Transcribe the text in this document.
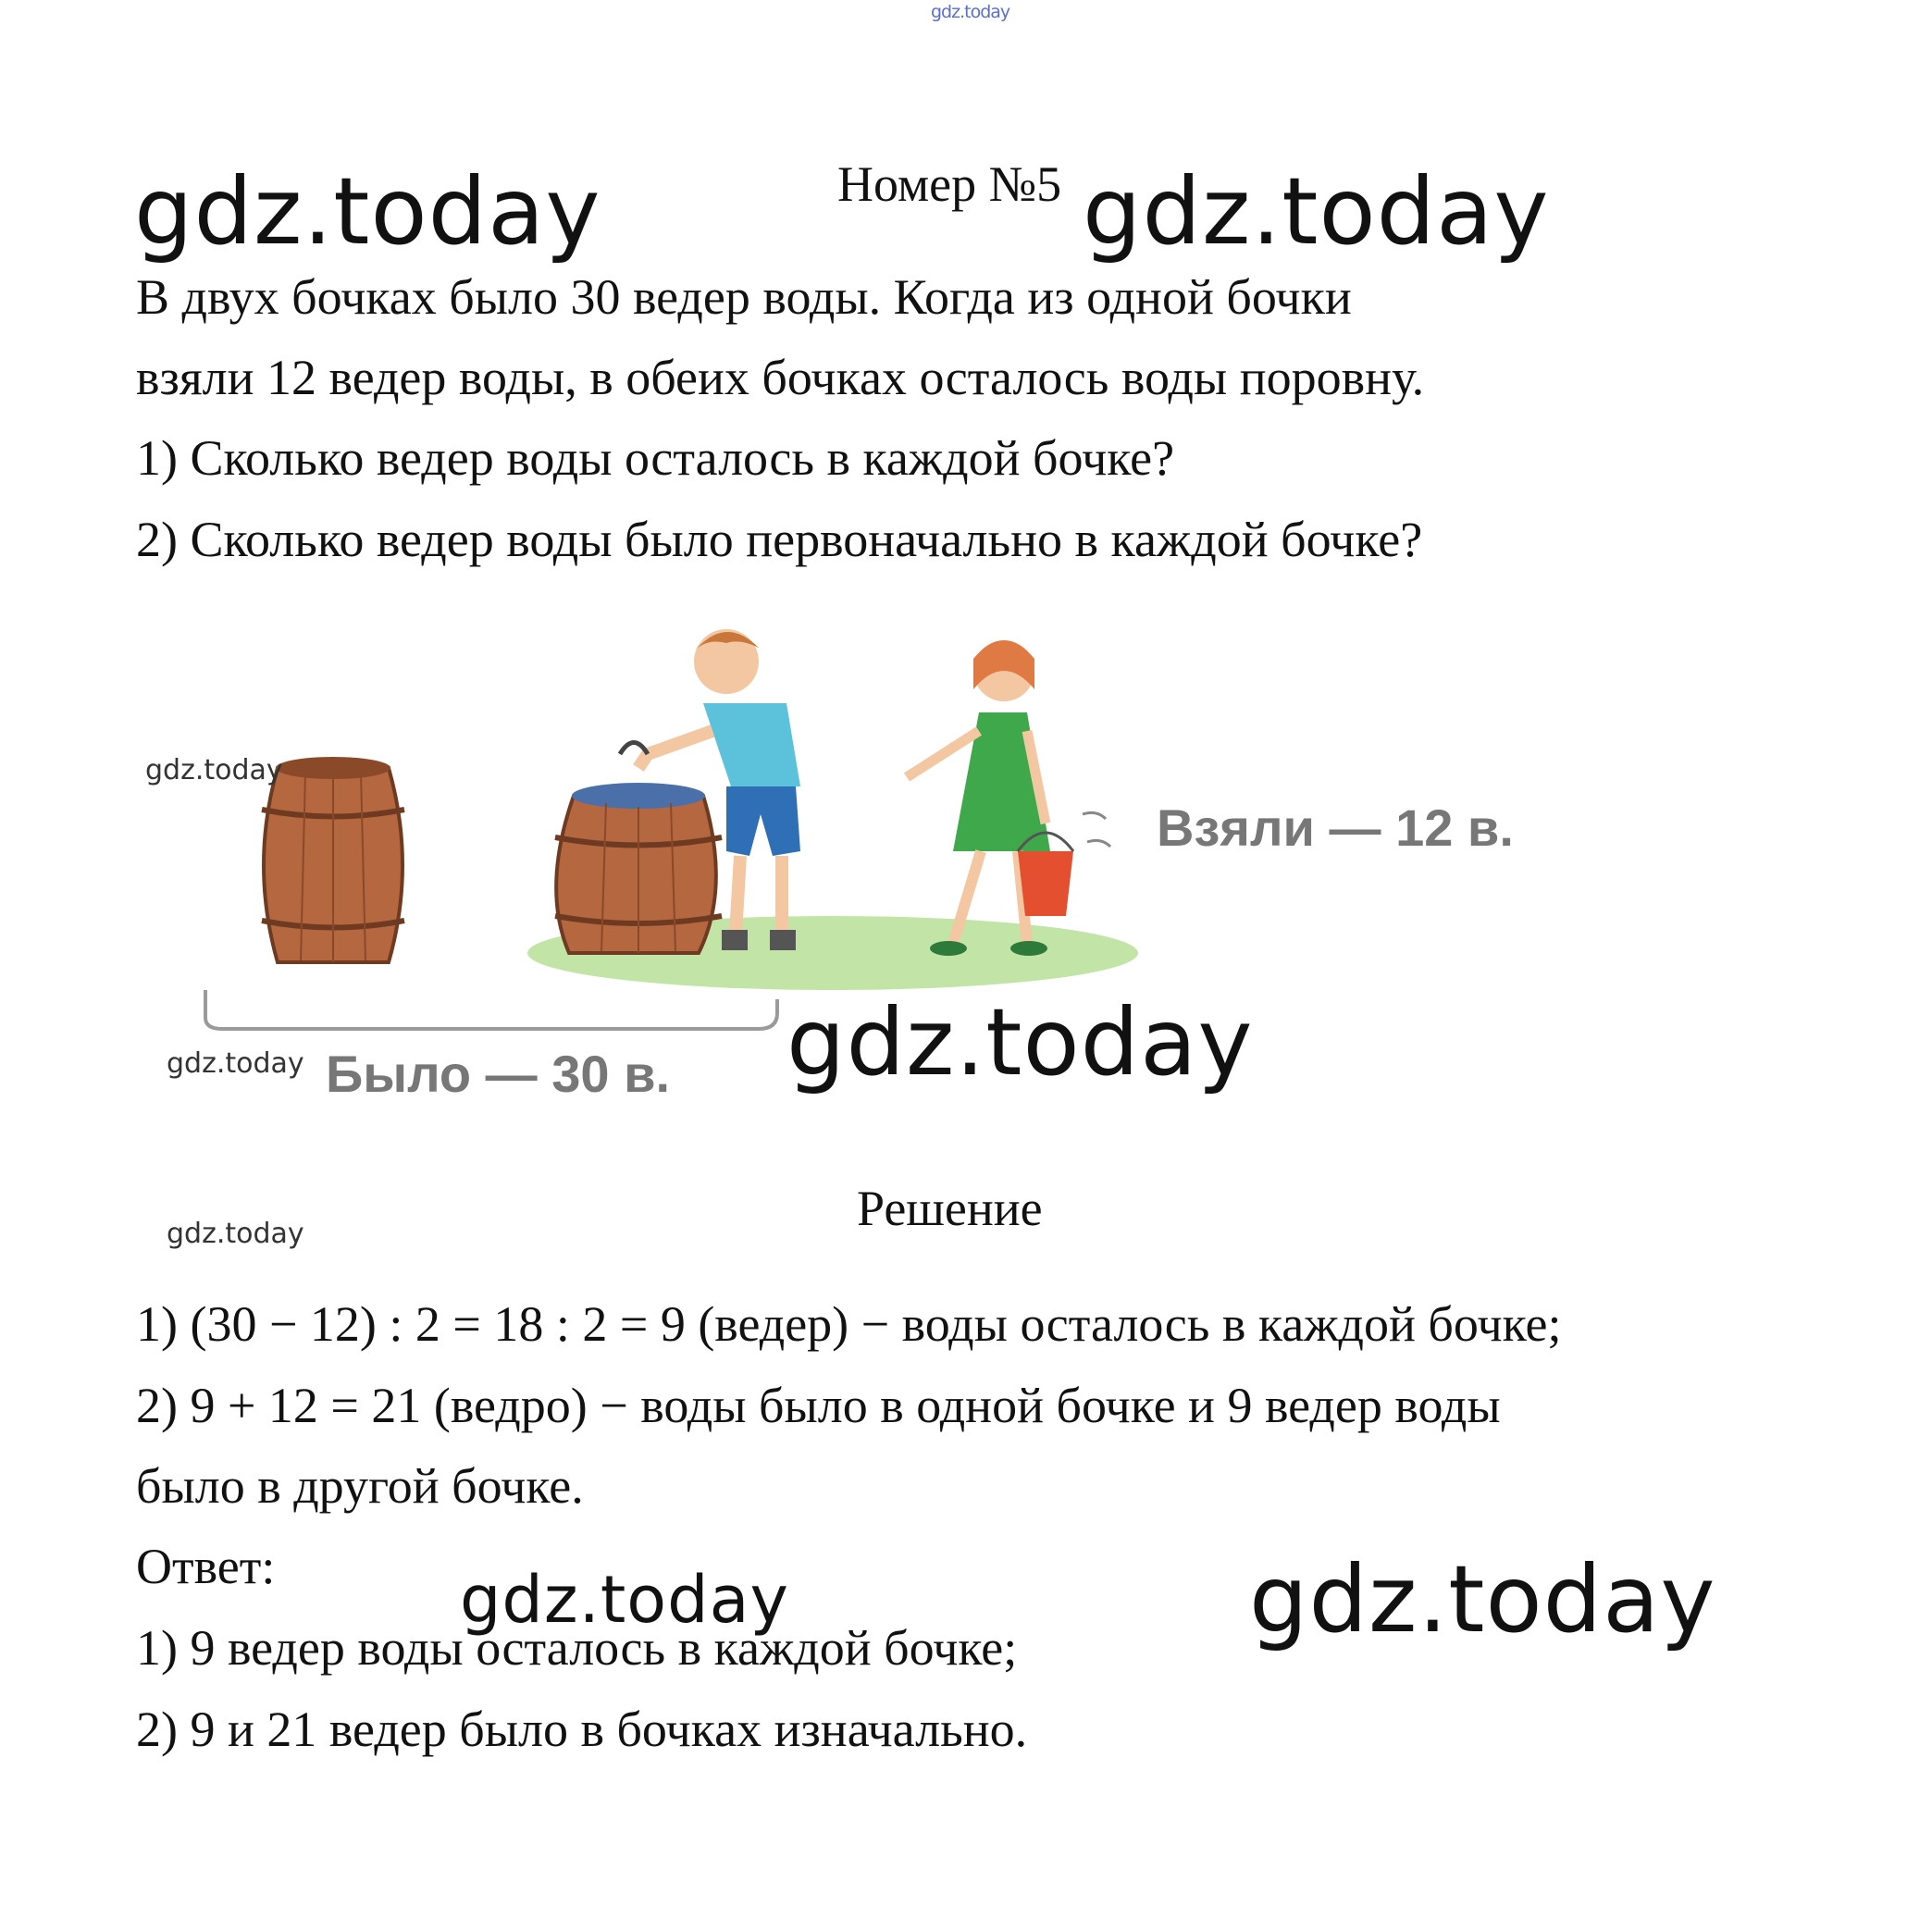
gdz.today
Номер №5
gdz.today	gdz.today
В двух бочках было 30 ведер воды. Когда из одной бочки
взяли 12 ведер воды, в обеих бочках осталось воды поровну.
1) Сколько ведер воды осталось в каждой бочке?
2) Сколько ведер воды было первоначально в каждой бочке?
Взяли — 12 в.
Было — 30 в.
gdz.today
gdz.today
gdz.today
gdz.today
Решение
1) (30 − 12) : 2 = 18 : 2 = 9 (ведер) − воды осталось в каждой бочке;
2) 9 + 12 = 21 (ведро) − воды было в одной бочке и 9 ведер воды
было в другой бочке.
Ответ:
1) 9 ведер воды осталось в каждой бочке;
2) 9 и 21 ведер было в бочках изначально.
gdz.today	gdz.today
